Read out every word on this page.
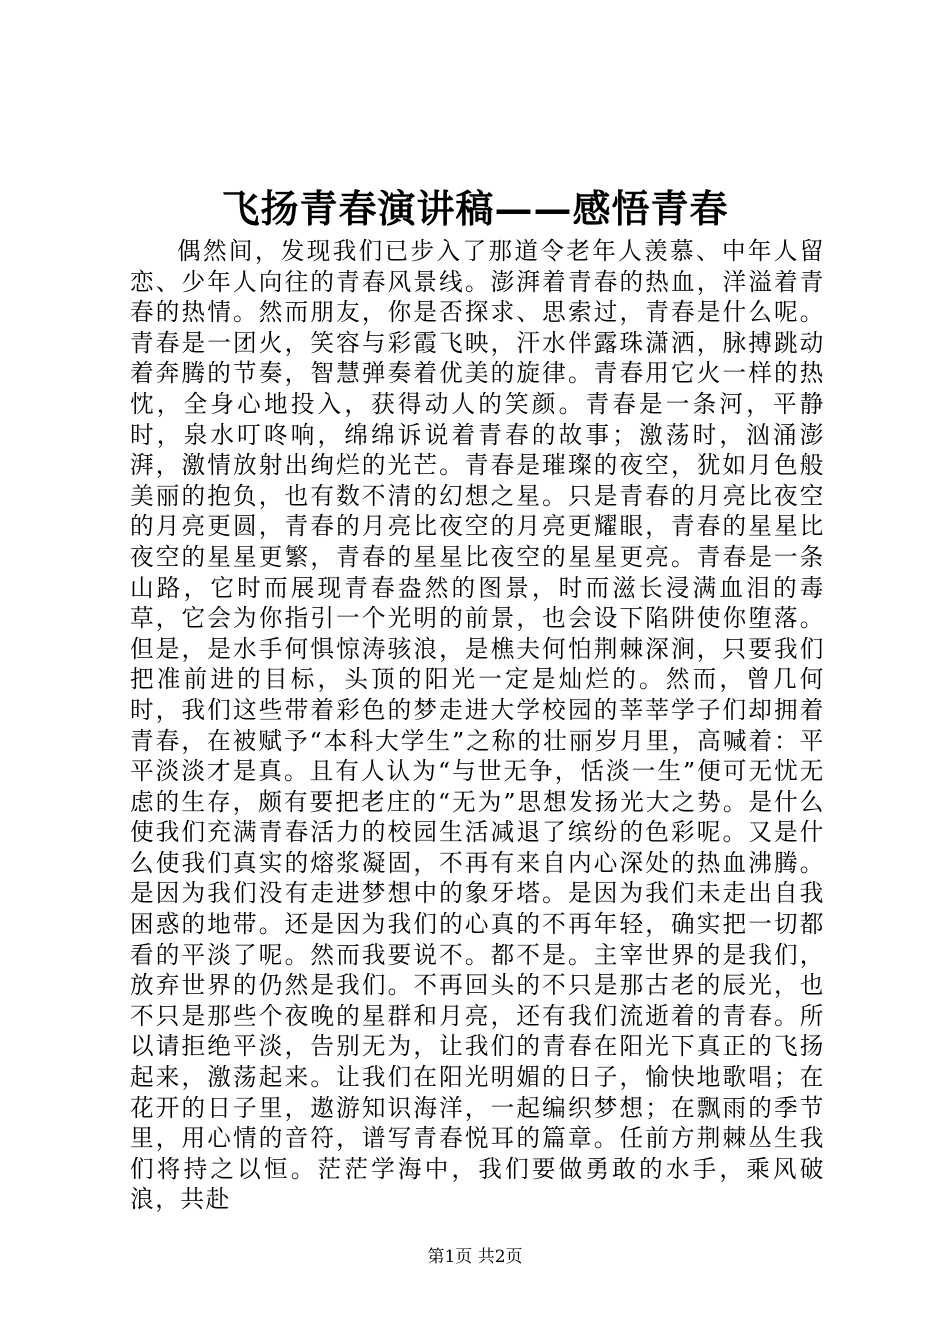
飞扬青春演讲稿——感悟青春

偶然间，发现我们已步入了那道令老年人羡慕、中年人留恋、少年人向往的青春风景线。澎湃着青春的热血，洋溢着青春的热情。然而朋友，你是否探求、思索过，青春是什么呢。青春是一团火，笑容与彩霞飞映，汗水伴露珠潇洒，脉搏跳动着奔腾的节奏，智慧弹奏着优美的旋律。青春用它火一样的热忱，全身心地投入，获得动人的笑颜。青春是一条河，平静时，泉水叮咚响，绵绵诉说着青春的故事；激荡时，汹涌澎湃，激情放射出绚烂的光芒。青春是璀璨的夜空，犹如月色般美丽的抱负，也有数不清的幻想之星。只是青春的月亮比夜空的月亮更圆，青春的月亮比夜空的月亮更耀眼，青春的星星比夜空的星星更繁，青春的星星比夜空的星星更亮。青春是一条山路，它时而展现青春盎然的图景，时而滋长浸满血泪的毒草，它会为你指引一个光明的前景，也会设下陷阱使你堕落。但是，是水手何惧惊涛骇浪，是樵夫何怕荆棘深涧，只要我们把准前进的目标，头顶的阳光一定是灿烂的。然而，曾几何时，我们这些带着彩色的梦走进大学校园的莘莘学子们却拥着青春，在被赋予“本科大学生”之称的壮丽岁月里，高喊着：平平淡淡才是真。且有人认为“与世无争，恬淡一生”便可无忧无虑的生存，颇有要把老庄的“无为”思想发扬光大之势。是什么使我们充满青春活力的校园生活减退了缤纷的色彩呢。又是什么使我们真实的熔浆凝固，不再有来自内心深处的热血沸腾。是因为我们没有走进梦想中的象牙塔。是因为我们未走出自我困惑的地带。还是因为我们的心真的不再年轻，确实把一切都看的平淡了呢。然而我要说不。都不是。主宰世界的是我们，放弃世界的仍然是我们。不再回头的不只是那古老的辰光，也不只是那些个夜晚的星群和月亮，还有我们流逝着的青春。所以请拒绝平淡，告别无为，让我们的青春在阳光下真正的飞扬起来，激荡起来。让我们在阳光明媚的日子，愉快地歌唱；在花开的日子里，遨游知识海洋，一起编织梦想；在飘雨的季节里，用心情的音符，谱写青春悦耳的篇章。任前方荆棘丛生我们将持之以恒。茫茫学海中，我们要做勇敢的水手，乘风破浪，共赴

第1页 共2页
